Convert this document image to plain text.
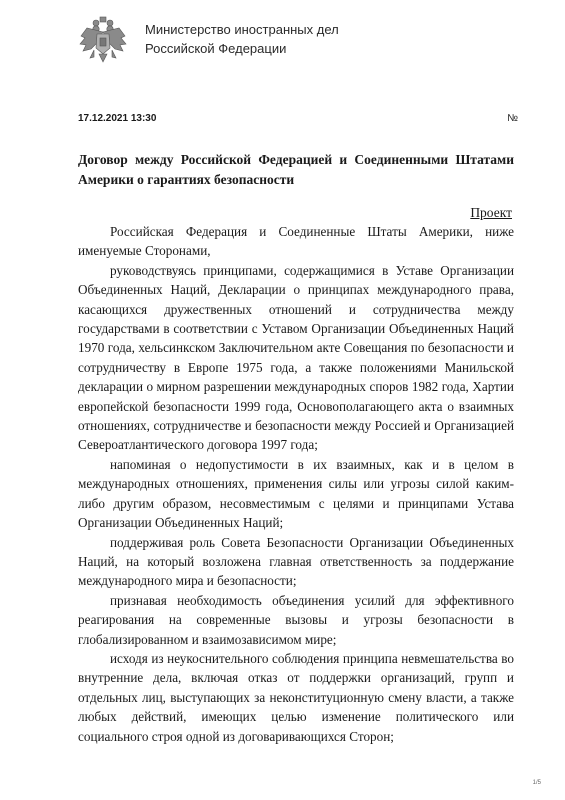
Министерство иностранных дел
Российской Федерации
17.12.2021 13:30	№
Договор между Российской Федерацией и Соединенными Штатами Америки о гарантиях безопасности
Проект

Российская Федерация и Соединенные Штаты Америки, ниже именуемые Сторонами,

руководствуясь принципами, содержащимися в Уставе Организации Объединенных Наций, Декларации о принципах международного права, касающихся дружественных отношений и сотрудничества между государствами в соответствии с Уставом Организации Объединенных Наций 1970 года, хельсинкском Заключительном акте Совещания по безопасности и сотрудничеству в Европе 1975 года, а также положениями Манильской декларации о мирном разрешении международных споров 1982 года, Хартии европейской безопасности 1999 года, Основополагающего акта о взаимных отношениях, сотрудничестве и безопасности между Россией и Организацией Североатлантического договора 1997 года;

напоминая о недопустимости в их взаимных, как и в целом в международных отношениях, применения силы или угрозы силой каким-либо другим образом, несовместимым с целями и принципами Устава Организации Объединенных Наций;

поддерживая роль Совета Безопасности Организации Объединенных Наций, на который возложена главная ответственность за поддержание международного мира и безопасности;

признавая необходимость объединения усилий для эффективного реагирования на современные вызовы и угрозы безопасности в глобализированном и взаимозависимом мире;

исходя из неукоснительного соблюдения принципа невмешательства во внутренние дела, включая отказ от поддержки организаций, групп и отдельных лиц, выступающих за неконституционную смену власти, а также любых действий, имеющих целью изменение политического или социального строя одной из договаривающихся Сторон;

1/5
